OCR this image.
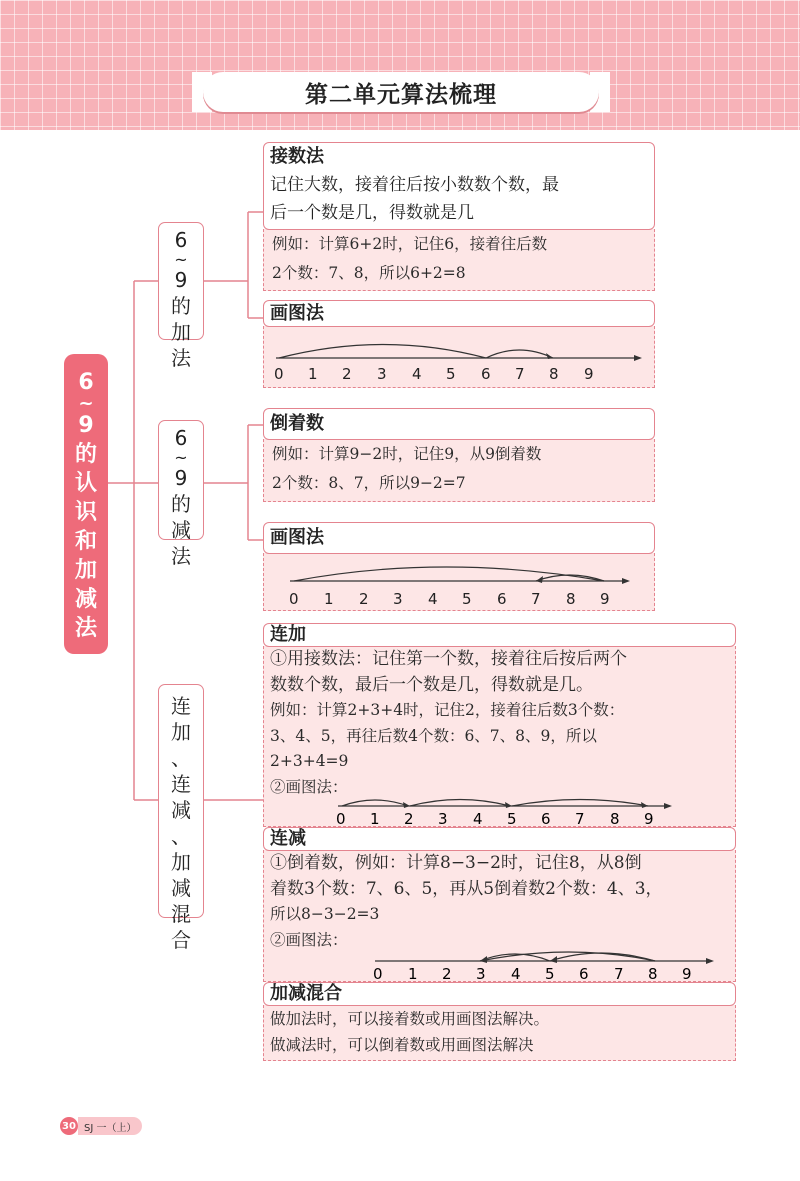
第二单元算法梳理
6
~
9
的
认
识
和
加
减
法
6
~
9
的
加
法
6
~
9
的
减
法
连
加
、
连
减
、
加
减
混
合
接数法
记住大数，接着往后按小数数个数，最
后一个数是几，得数就是几
例如：计算6+2时，记住6，接着往后数
2个数：7、8，所以6+2=8
画图法
0 1 2 3 4 5 6 7 8 9
倒着数
例如：计算9−2时，记住9，从9倒着数
2个数：8、7，所以9−2=7
画图法
0 1 2 3 4 5 6 7 8 9
连加
①用接数法：记住第一个数，接着往后按后两个
数数个数，最后一个数是几，得数就是几。
例如：计算2+3+4时，记住2，接着往后数3个数：
3、4、5，再往后数4个数：6、7、8、9，所以
2+3+4=9
②画图法：
0 1 2 3 4 5 6 7 8 9
连减
①倒着数，例如：计算8−3−2时，记住8，从8倒
着数3个数：7、6、5，再从5倒着数2个数：4、3，
所以8−3−2=3
②画图法：
0 1 2 3 4 5 6 7 8 9
加减混合
做加法时，可以接着数或用画图法解决。
做减法时，可以倒着数或用画图法解决
30 SJ 一（上）
